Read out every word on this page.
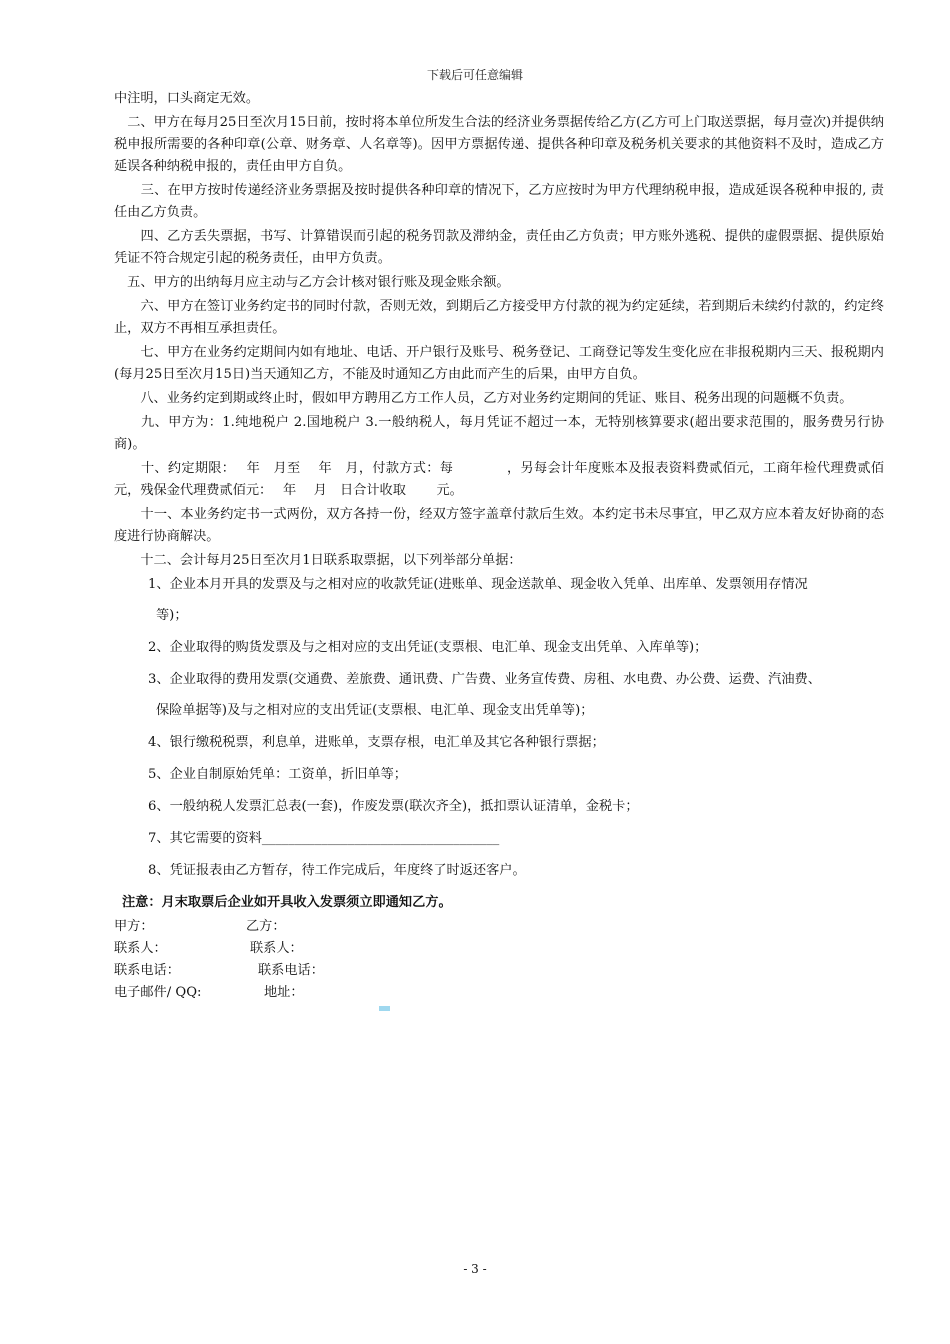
下载后可任意编辑

中注明，口头商定无效。

　二、甲方在每月25日至次月15日前，按时将本单位所发生合法的经济业务票据传给乙方(乙方可上门取送票据，每月壹次)并提供纳税申报所需要的各种印章(公章、财务章、人名章等)。因甲方票据传递、提供各种印章及税务机关要求的其他资料不及时，造成乙方延误各种纳税申报的，责任由甲方自负。

　　三、在甲方按时传递经济业务票据及按时提供各种印章的情况下，乙方应按时为甲方代理纳税申报，造成延误各税种申报的, 责任由乙方负责。

　　四、乙方丢失票据，书写、计算错误而引起的税务罚款及滞纳金，责任由乙方负责；甲方账外逃税、提供的虚假票据、提供原始凭证不符合规定引起的税务责任，由甲方负责。

　五、甲方的出纳每月应主动与乙方会计核对银行账及现金账余额。

　　六、甲方在签订业务约定书的同时付款，否则无效，到期后乙方接受甲方付款的视为约定延续，若到期后未续约付款的，约定终止，双方不再相互承担责任。

　　七、甲方在业务约定期间内如有地址、电话、开户银行及账号、税务登记、工商登记等发生变化应在非报税期内三天、报税期内(每月25日至次月15日)当天通知乙方，不能及时通知乙方由此而产生的后果，由甲方自负。

　　八、业务约定到期或终止时，假如甲方聘用乙方工作人员，乙方对业务约定期间的凭证、账目、税务出现的问题概不负责。

　　九、甲方为：1.纯地税户 2.国地税户 3.一般纳税人，每月凭证不超过一本，无特别核算要求(超出要求范围的，服务费另行协商)。

　　十、约定期限：　 年　月至　 年　月，付款方式：每　　　　，另每会计年度账本及报表资料费贰佰元，工商年检代理费贰佰元，残保金代理费贰佰元：　 年　 月　日合计收取　　 元。

　　十一、本业务约定书一式两份，双方各持一份，经双方签字盖章付款后生效。本约定书未尽事宜，甲乙双方应本着友好协商的态度进行协商解决。

　　十二、会计每月25日至次月1日联系取票据，以下列举部分单据：

1、企业本月开具的发票及与之相对应的收款凭证(进账单、现金送款单、现金收入凭单、出库单、发票领用存情况
等)；
2、企业取得的购货发票及与之相对应的支出凭证(支票根、电汇单、现金支出凭单、入库单等)；
3、企业取得的费用发票(交通费、差旅费、通讯费、广告费、业务宣传费、房租、水电费、办公费、运费、汽油费、
保险单据等)及与之相对应的支出凭证(支票根、电汇单、现金支出凭单等)；
4、银行缴税税票，利息单，进账单，支票存根，电汇单及其它各种银行票据；
5、企业自制原始凭单：工资单，折旧单等；
6、一般纳税人发票汇总表(一套)，作废发票(联次齐全)，抵扣票认证清单，金税卡；
7、其它需要的资料____________________________________
8、凭证报表由乙方暂存，待工作完成后，年度终了时返还客户。
注意：月末取票后企业如开具收入发票须立即通知乙方。
甲方：	乙方：
联系人：	联系人：
联系电话：	联系电话：
电子邮件/ QQ:	地址：
- 3 -
